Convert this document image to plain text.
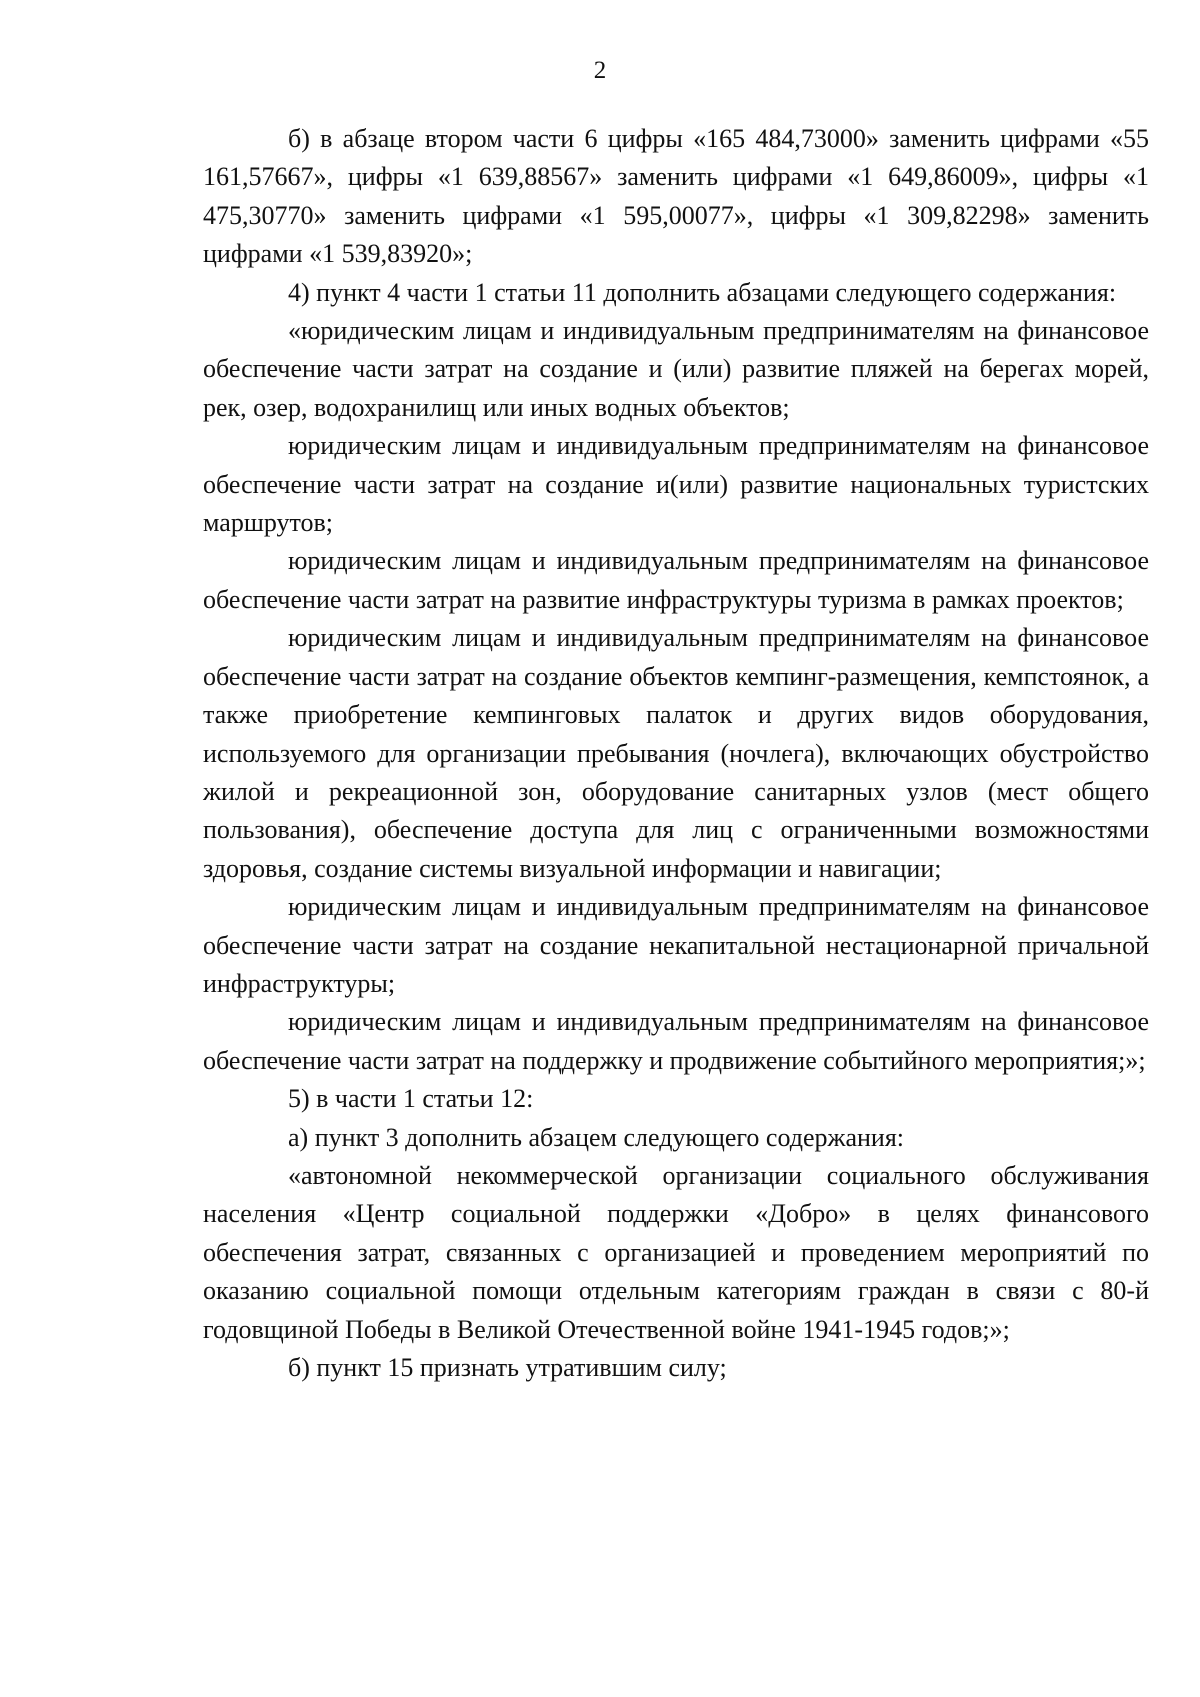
2

б) в абзаце втором части 6 цифры «165 484,73000» заменить цифрами «55 161,57667», цифры «1 639,88567» заменить цифрами «1 649,86009», цифры «1 475,30770» заменить цифрами «1 595,00077», цифры «1 309,82298» заменить цифрами «1 539,83920»;

4) пункт 4 части 1 статьи 11 дополнить абзацами следующего содержания:

«юридическим лицам и индивидуальным предпринимателям на финансовое обеспечение части затрат на создание и (или) развитие пляжей на берегах морей, рек, озер, водохранилищ или иных водных объектов;

юридическим лицам и индивидуальным предпринимателям на финансовое обеспечение части затрат на создание и(или) развитие национальных туристских маршрутов;

юридическим лицам и индивидуальным предпринимателям на финансовое обеспечение части затрат на развитие инфраструктуры туризма в рамках проектов;

юридическим лицам и индивидуальным предпринимателям на финансовое обеспечение части затрат на создание объектов кемпинг-размещения, кемпстоянок, а также приобретение кемпинговых палаток и других видов оборудования, используемого для организации пребывания (ночлега), включающих обустройство жилой и рекреационной зон, оборудование санитарных узлов (мест общего пользования), обеспечение доступа для лиц с ограниченными возможностями здоровья, создание системы визуальной информации и навигации;

юридическим лицам и индивидуальным предпринимателям на финансовое обеспечение части затрат на создание некапитальной нестационарной причальной инфраструктуры;

юридическим лицам и индивидуальным предпринимателям на финансовое обеспечение части затрат на поддержку и продвижение событийного мероприятия;»;

5) в части 1 статьи 12:

а) пункт 3 дополнить абзацем следующего содержания:

«автономной некоммерческой организации социального обслуживания населения «Центр социальной поддержки «Добро» в целях финансового обеспечения затрат, связанных с организацией и проведением мероприятий по оказанию социальной помощи отдельным категориям граждан в связи с 80-й годовщиной Победы в Великой Отечественной войне 1941-1945 годов;»;

б) пункт 15 признать утратившим силу;
